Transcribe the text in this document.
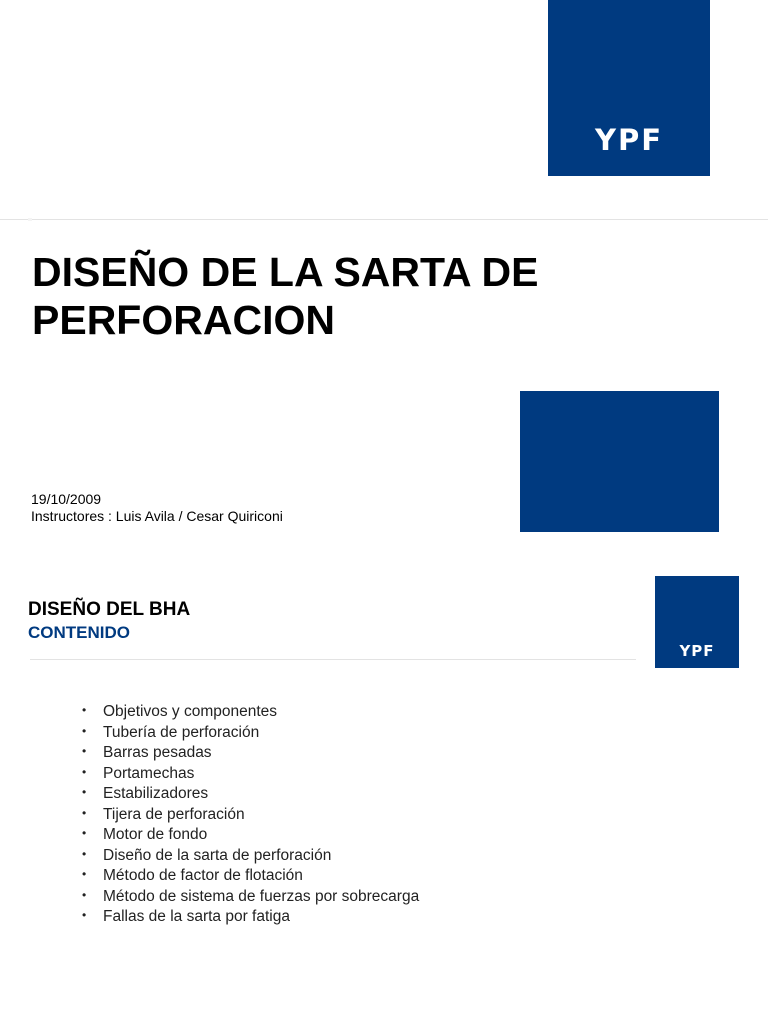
YPF
DISEÑO DE LA SARTA DE PERFORACION
19/10/2009
Instructores : Luis Avila / Cesar Quiriconi
YPF
DISEÑO DEL BHA
CONTENIDO
• Objetivos y componentes
• Tubería de perforación
• Barras pesadas
• Portamechas
• Estabilizadores
• Tijera de perforación
• Motor de fondo
• Diseño de la sarta de perforación
• Método de factor de flotación
• Método de sistema de fuerzas por sobrecarga
• Fallas de la sarta por fatiga
